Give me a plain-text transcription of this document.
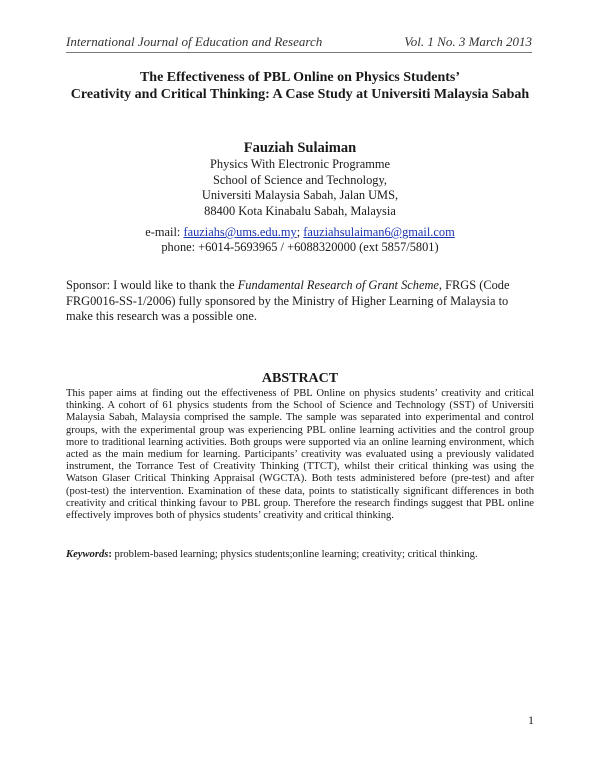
International Journal of Education and Research	Vol. 1 No. 3 March 2013
The Effectiveness of PBL Online on Physics Students’
Creativity and Critical Thinking: A Case Study at Universiti Malaysia Sabah
Fauziah Sulaiman
Physics With Electronic Programme
School of Science and Technology,
Universiti Malaysia Sabah, Jalan UMS,
88400 Kota Kinabalu Sabah, Malaysia
e-mail: fauziahs@ums.edu.my; fauziahsulaiman6@gmail.com
phone: +6014-5693965 / +6088320000 (ext 5857/5801)
Sponsor: I would like to thank the Fundamental Research of Grant Scheme, FRGS (Code FRG0016-SS-1/2006) fully sponsored by the Ministry of Higher Learning of Malaysia to make this research was a possible one.
ABSTRACT
This paper aims at finding out the effectiveness of PBL Online on physics students’ creativity and critical thinking. A cohort of 61 physics students from the School of Science and Technology (SST) of Universiti Malaysia Sabah, Malaysia comprised the sample. The sample was separated into experimental and control groups, with the experimental group was experiencing PBL online learning activities and the control group more to traditional learning activities. Both groups were supported via an online learning environment, which acted as the main medium for learning. Participants’ creativity was evaluated using a previously validated instrument, the Torrance Test of Creativity Thinking (TTCT), whilst their critical thinking was using the Watson Glaser Critical Thinking Appraisal (WGCTA). Both tests administered before (pre-test) and after (post-test) the intervention. Examination of these data, points to statistically significant differences in both creativity and critical thinking favour to PBL group. Therefore the research findings suggest that PBL online effectively improves both of physics students’ creativity and critical thinking.
Keywords: problem-based learning; physics students;online learning; creativity; critical thinking.
1
